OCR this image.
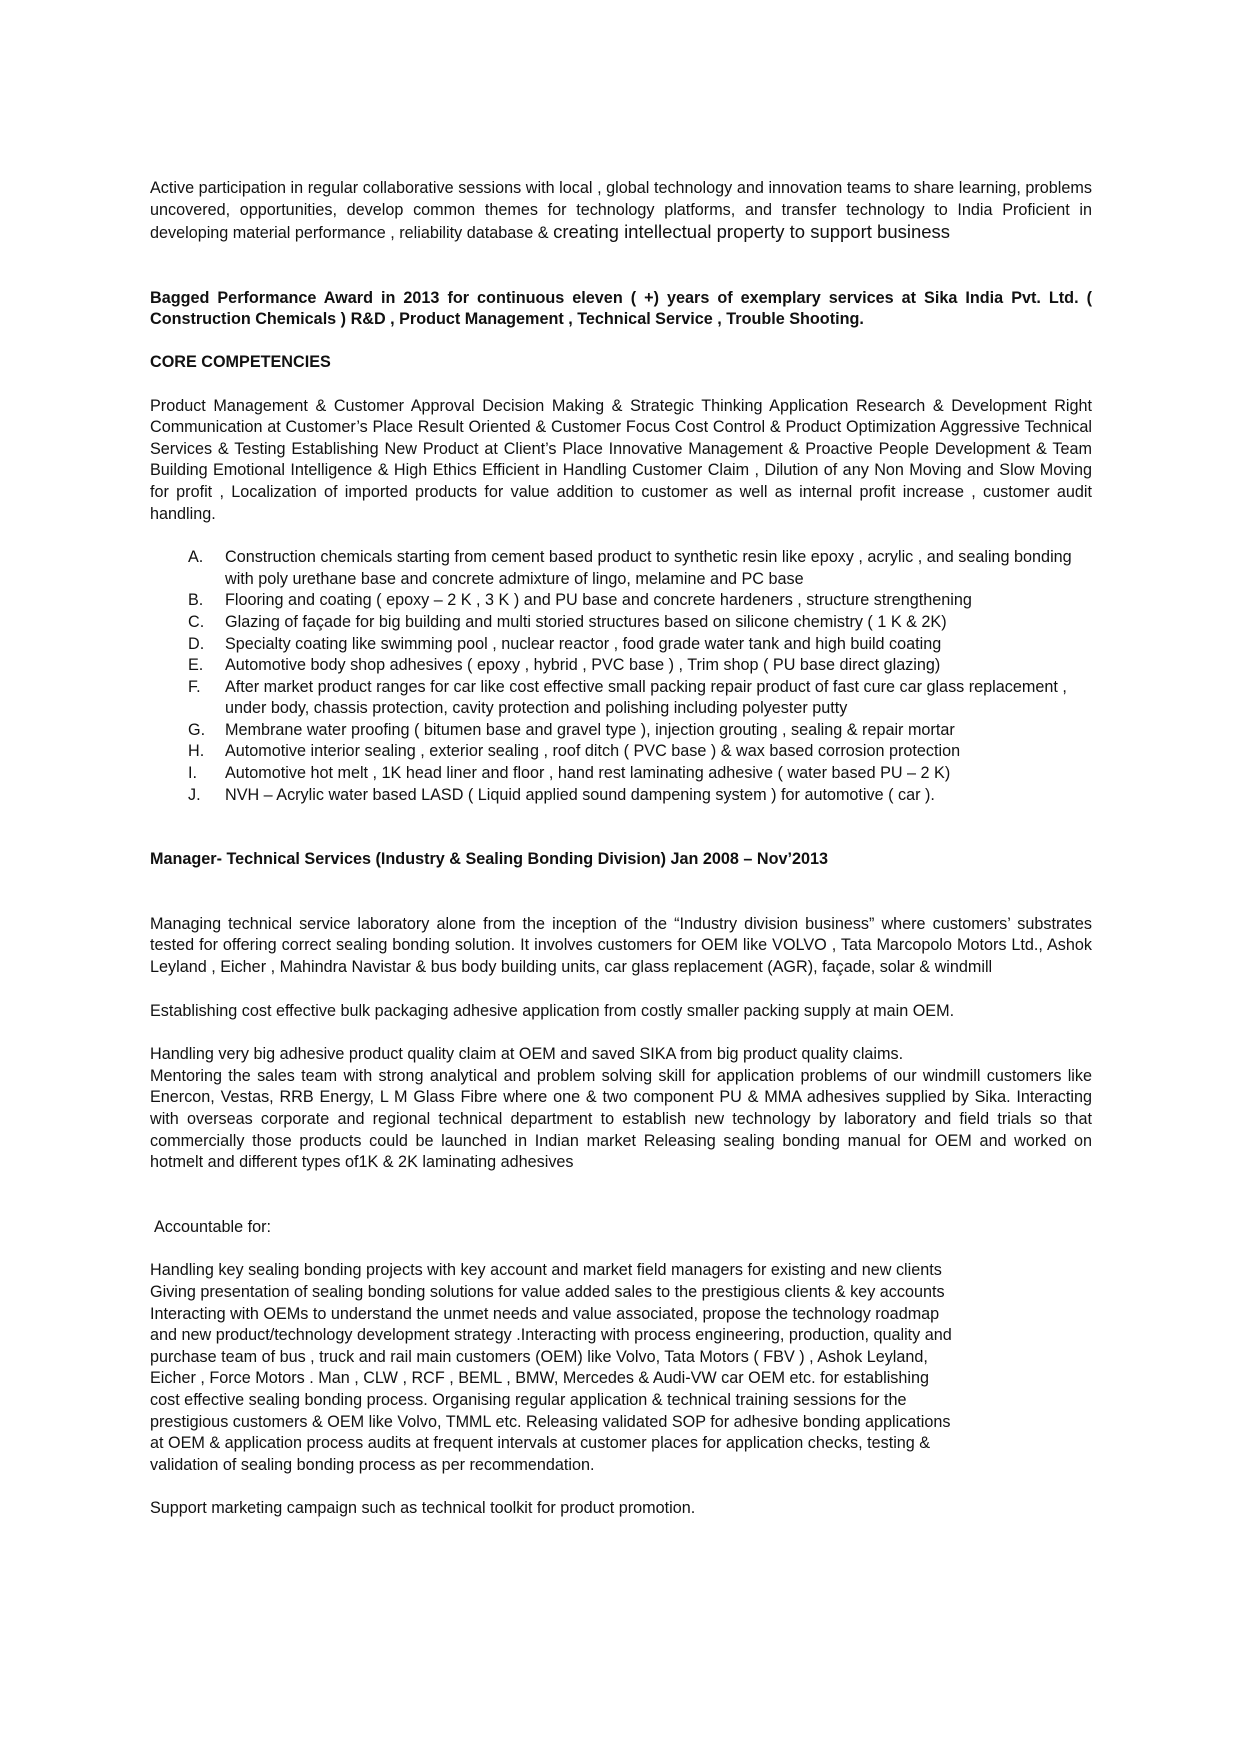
Active participation in regular collaborative sessions with local , global technology and innovation teams to share learning, problems uncovered, opportunities, develop common themes for technology platforms, and transfer technology to India Proficient in developing material performance , reliability database & creating intellectual property to support business

Bagged Performance Award in 2013 for continuous eleven ( +) years of exemplary services at Sika India Pvt. Ltd. ( Construction Chemicals ) R&D , Product Management , Technical Service , Trouble Shooting.

CORE COMPETENCIES

Product Management & Customer Approval Decision Making & Strategic Thinking Application Research & Development Right Communication at Customer’s Place Result Oriented & Customer Focus Cost Control & Product Optimization Aggressive Technical Services & Testing Establishing New Product at Client’s Place Innovative Management & Proactive People Development & Team Building Emotional Intelligence & High Ethics Efficient in Handling Customer Claim , Dilution of any Non Moving and Slow Moving for profit , Localization of imported products for value addition to customer as well as internal profit increase , customer audit handling.

A.	Construction chemicals starting from cement based product to synthetic resin like epoxy , acrylic , and sealing bonding with poly urethane base and concrete admixture of lingo, melamine and PC base
B.	Flooring and coating ( epoxy – 2 K , 3 K ) and PU base and concrete hardeners , structure strengthening
C.	Glazing of façade for big building and multi storied structures based on silicone chemistry ( 1 K & 2K)
D.	Specialty coating like swimming pool , nuclear reactor , food grade water tank and high build coating
E.	Automotive body shop adhesives ( epoxy , hybrid , PVC base ) , Trim shop ( PU base direct glazing)
F.	After market product ranges for car like cost effective small packing repair product of fast cure car glass replacement , under body, chassis protection, cavity protection and polishing including polyester putty
G.	Membrane water proofing ( bitumen base and gravel type ), injection grouting , sealing & repair mortar
H.	Automotive interior sealing , exterior sealing , roof ditch ( PVC base ) & wax based corrosion protection
I.	Automotive hot melt , 1K head liner and floor , hand rest laminating adhesive ( water based PU – 2 K)
J.	NVH – Acrylic water based LASD ( Liquid applied sound dampening system ) for automotive ( car ).

Manager- Technical Services (Industry & Sealing Bonding Division) Jan 2008 – Nov’2013

Managing technical service laboratory alone from the inception of the “Industry division business” where customers’ substrates tested for offering correct sealing bonding solution. It involves customers for OEM like VOLVO , Tata Marcopolo Motors Ltd., Ashok Leyland , Eicher , Mahindra Navistar & bus body building units, car glass replacement (AGR), façade, solar & windmill

Establishing cost effective bulk packaging adhesive application from costly smaller packing supply at main OEM.

Handling very big adhesive product quality claim at OEM and saved SIKA from big product quality claims.

Mentoring the sales team with strong analytical and problem solving skill for application problems of our windmill customers like Enercon, Vestas, RRB Energy, L M Glass Fibre where one & two component PU & MMA adhesives supplied by Sika. Interacting with overseas corporate and regional technical department to establish new technology by laboratory and field trials so that commercially those products could be launched in Indian market Releasing sealing bonding manual for OEM and worked on hotmelt and different types of1K & 2K laminating adhesives

Accountable for:

Handling key sealing bonding projects with key account and market field managers for existing and new clients
Giving presentation of sealing bonding solutions for value added sales to the prestigious clients & key accounts
Interacting with OEMs to understand the unmet needs and value associated, propose the technology roadmap
and new product/technology development strategy .Interacting with process engineering, production, quality and
purchase team of bus , truck and rail main customers (OEM) like Volvo, Tata Motors ( FBV ) , Ashok Leyland,
Eicher , Force Motors . Man , CLW , RCF , BEML , BMW, Mercedes & Audi-VW car OEM etc. for establishing
cost effective sealing bonding process. Organising regular application & technical training sessions for the
prestigious customers & OEM like Volvo, TMML etc. Releasing validated SOP for adhesive bonding applications
at OEM & application process audits at frequent intervals at customer places for application checks, testing &
validation of sealing bonding process as per recommendation.

Support marketing campaign such as technical toolkit for product promotion.
